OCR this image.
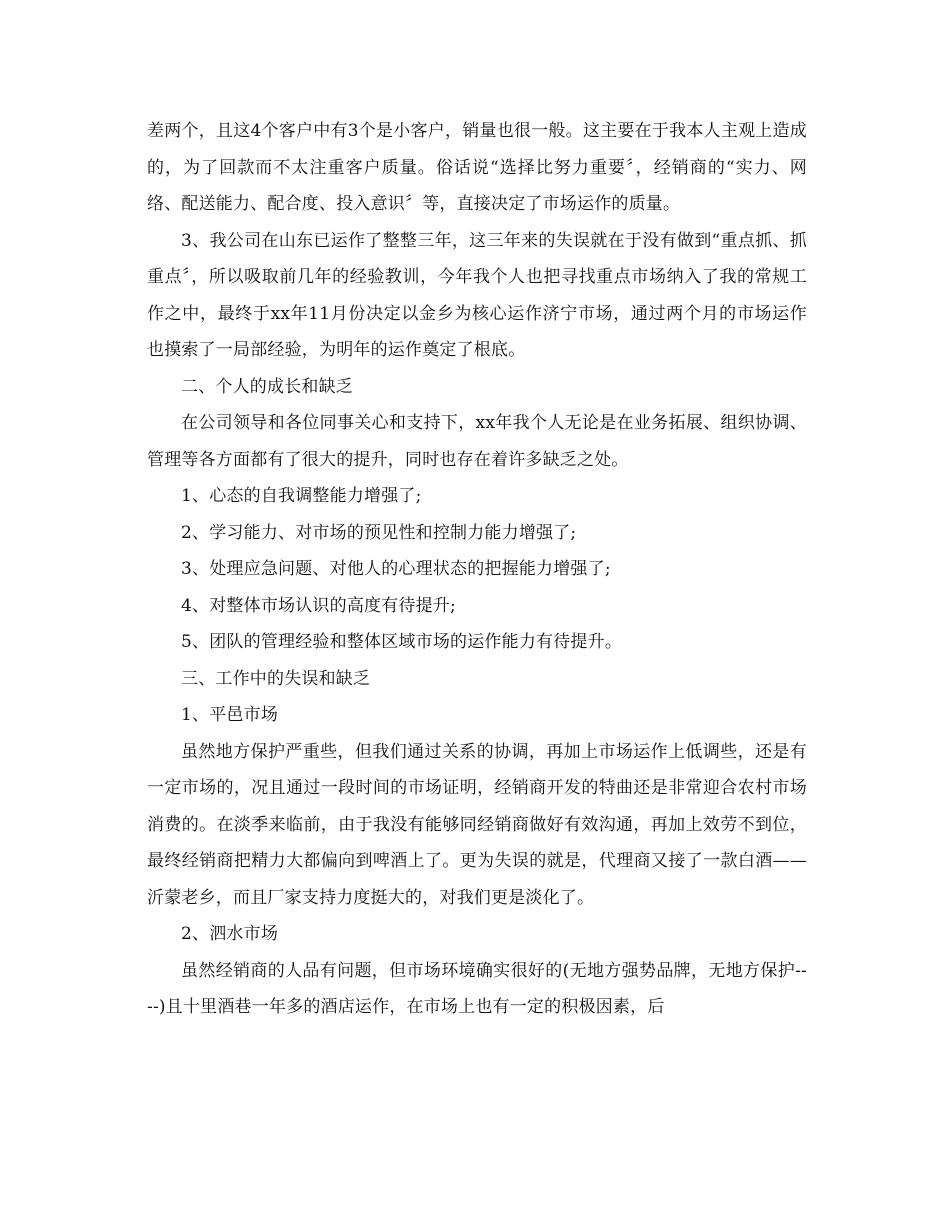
差两个，且这4个客户中有3个是小客户，销量也很一般。这主要在于我本人主观上造成的，为了回款而不太注重客户质量。俗话说“选择比努力重要〞，经销商的“实力、网络、配送能力、配合度、投入意识〞等，直接决定了市场运作的质量。

3、我公司在山东已运作了整整三年，这三年来的失误就在于没有做到“重点抓、抓重点〞，所以吸取前几年的经验教训，今年我个人也把寻找重点市场纳入了我的常规工作之中，最终于xx年11月份决定以金乡为核心运作济宁市场，通过两个月的市场运作也摸索了一局部经验，为明年的运作奠定了根底。

二、个人的成长和缺乏

在公司领导和各位同事关心和支持下，xx年我个人无论是在业务拓展、组织协调、管理等各方面都有了很大的提升，同时也存在着许多缺乏之处。

1、心态的自我调整能力增强了;

2、学习能力、对市场的预见性和控制力能力增强了;

3、处理应急问题、对他人的心理状态的把握能力增强了;

4、对整体市场认识的高度有待提升;

5、团队的管理经验和整体区域市场的运作能力有待提升。

三、工作中的失误和缺乏

1、平邑市场

虽然地方保护严重些，但我们通过关系的协调，再加上市场运作上低调些，还是有一定市场的，况且通过一段时间的市场证明，经销商开发的特曲还是非常迎合农村市场消费的。在淡季来临前，由于我没有能够同经销商做好有效沟通，再加上效劳不到位，最终经销商把精力大都偏向到啤酒上了。更为失误的就是，代理商又接了一款白酒——沂蒙老乡，而且厂家支持力度挺大的，对我们更是淡化了。

2、泗水市场

虽然经销商的人品有问题，但市场环境确实很好的(无地方强势品牌，无地方保护----)且十里酒巷一年多的酒店运作，在市场上也有一定的积极因素，后
